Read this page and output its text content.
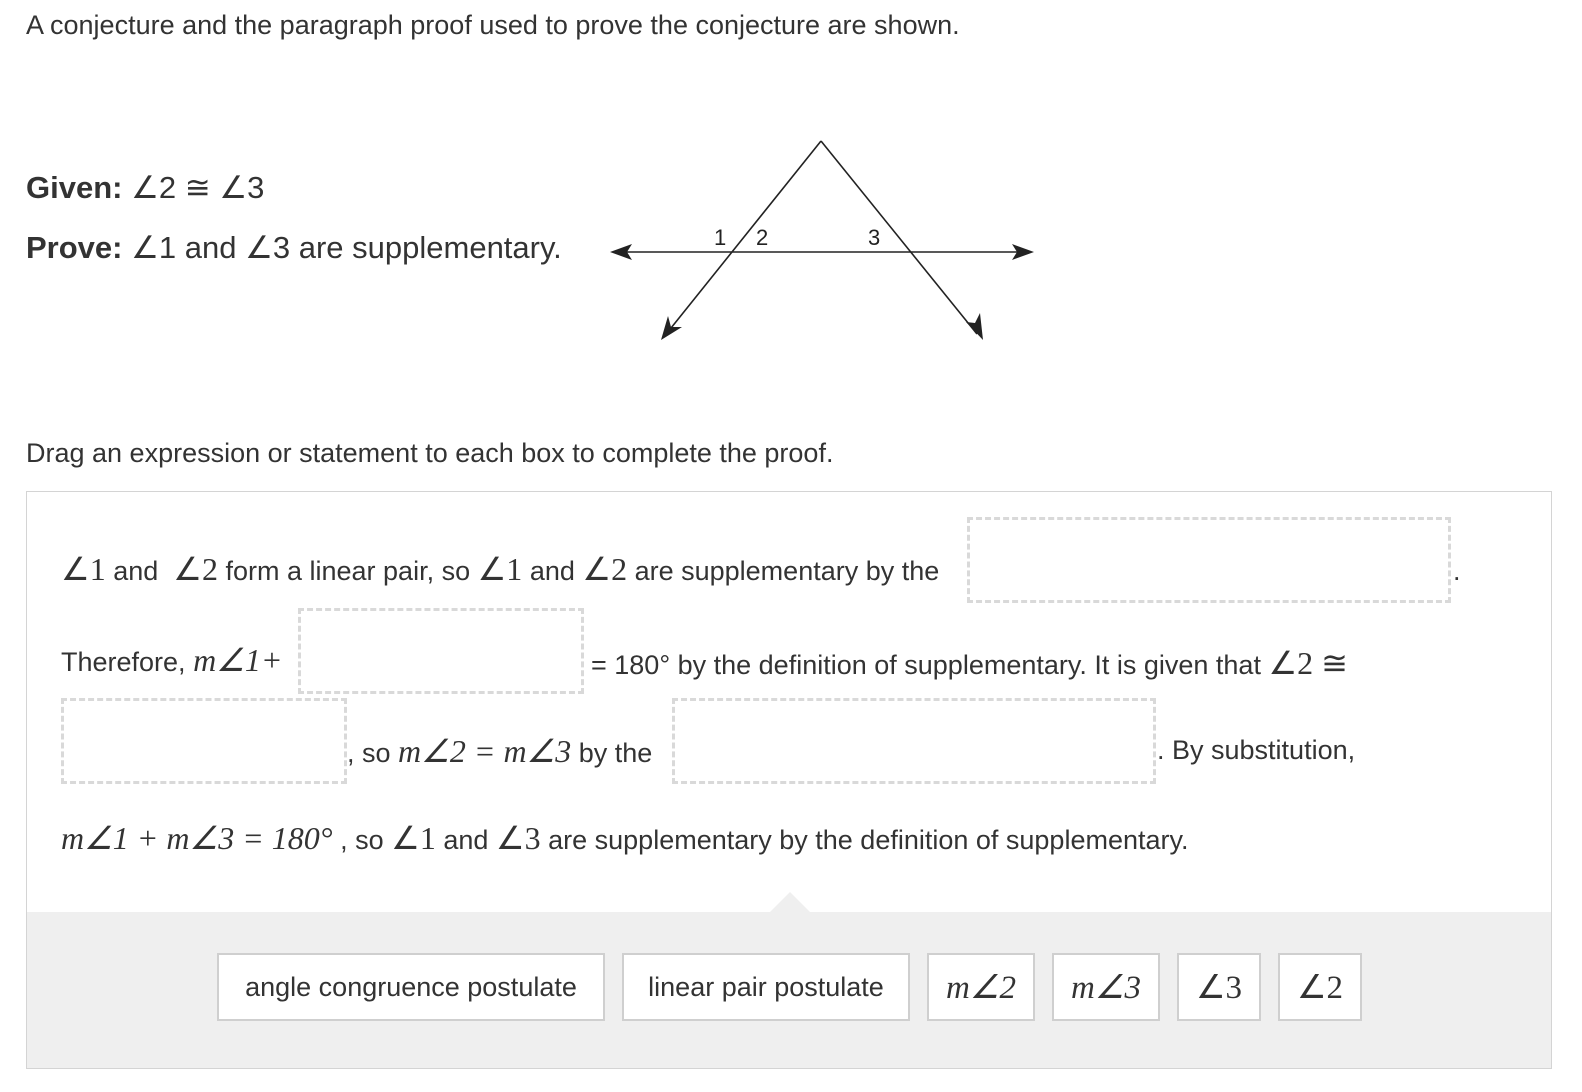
A conjecture and the paragraph proof used to prove the conjecture are shown.
Given: ∠2 ≅ ∠3
Prove: ∠1 and ∠3 are supplementary.	1 2	3
Drag an expression or statement to each box to complete the proof.
∠1 and ∠2 form a linear pair, so ∠1 and ∠2 are supplementary by the	.
Therefore, m∠1+	= 180° by the definition of supplementary. It is given that ∠2 ≅
, so m∠2 = m∠3 by the	. By substitution,
m∠1 + m∠3 = 180° , so ∠1 and ∠3 are supplementary by the definition of supplementary.
angle congruence postulate	linear pair postulate m∠2 m∠3 ∠3 ∠2
